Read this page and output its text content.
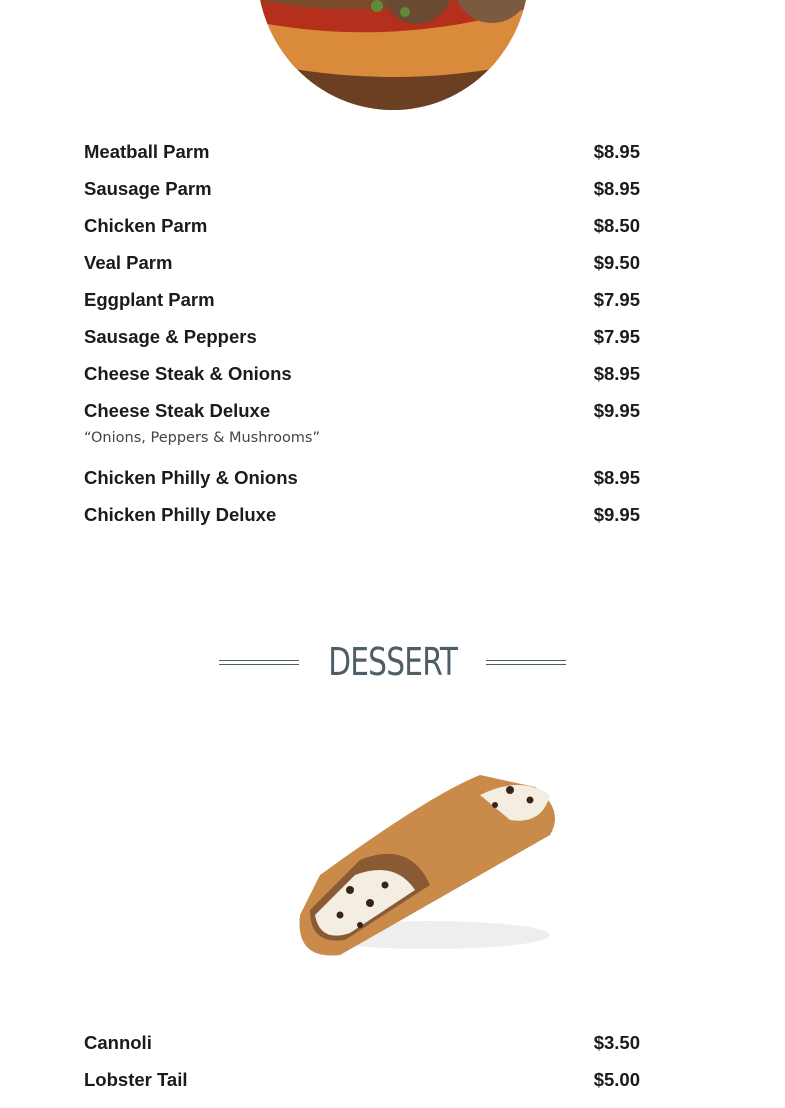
Meatball Parm	$8.95
Sausage Parm	$8.95
Chicken Parm	$8.50
Veal Parm	$9.50
Eggplant Parm	$7.95
Sausage & Peppers	$7.95
Cheese Steak & Onions	$8.95
Cheese Steak Deluxe	$9.95
“Onions, Peppers & Mushrooms”
Chicken Philly & Onions	$8.95
Chicken Philly Deluxe	$9.95
DESSERT
Cannoli	$3.50
Lobster Tail	$5.00
